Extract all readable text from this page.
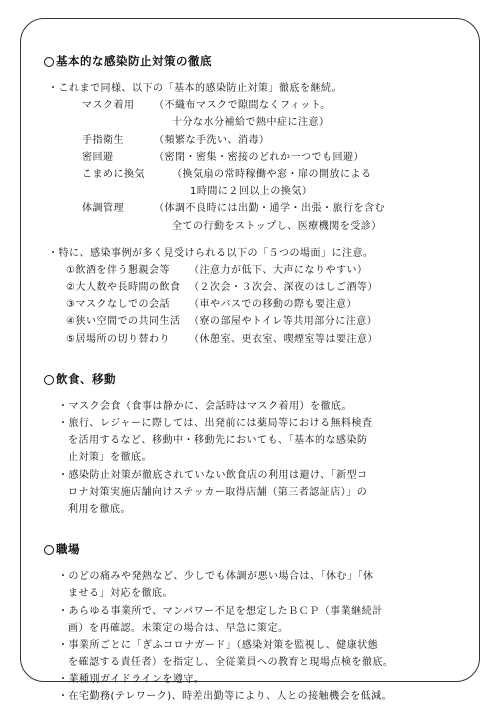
基本的な感染防止対策の徹底
・これまで同様、以下の「基本的感染防止対策」徹底を継続。
マスク着用 （不織布マスクで隙間なくフィット。
十分な水分補給で熱中症に注意）
手指衛生	（頻繁な手洗い、消毒）
密回避	（密閉・密集・密接のどれか一つでも回避）
こまめに換気	（換気扇の常時稼働や窓・扉の開放による
1時間に２回以上の換気）
体調管理	（体調不良時には出勤・通学・出張・旅行を含む
全ての行動をストップし、医療機関を受診）
・特に、感染事例が多く見受けられる以下の「５つの場面」に注意。
①飲酒を伴う懇親会等 （注意力が低下、大声になりやすい）
②大人数や長時間の飲食 （２次会・３次会、深夜のはしご酒等）
③マスクなしでの会話 （車やバスでの移動の際も要注意）
④狭い空間での共同生活 （寮の部屋やトイレ等共用部分に注意）
⑤居場所の切り替わり （休憩室、更衣室、喫煙室等は要注意）
飲食、移動
・マスク会食（食事は静かに、会話時はマスク着用）を徹底。
・旅行、レジャーに際しては、出発前には薬局等における無料検査
を活用するなど、移動中・移動先においても、「基本的な感染防
止対策」を徹底。
・感染防止対策が徹底されていない飲食店の利用は避け、「新型コ
ロナ対策実施店舗向けステッカー取得店舗（第三者認証店）」の
利用を徹底。
職場
・のどの痛みや発熱など、少しでも体調が悪い場合は、「休む」「休
ませる」対応を徹底。
・あらゆる事業所で、マンパワー不足を想定したＢＣＰ（事業継続計
画）を再確認。未策定の場合は、早急に策定。
・事業所ごとに「ぎふコロナガード」（感染対策を監視し、健康状態
を確認する責任者）を指定し、全従業員への教育と現場点検を徹底。
・業種別ガイドラインを遵守。
・在宅勤務(テレワーク)、時差出勤等により、人との接触機会を低減。
